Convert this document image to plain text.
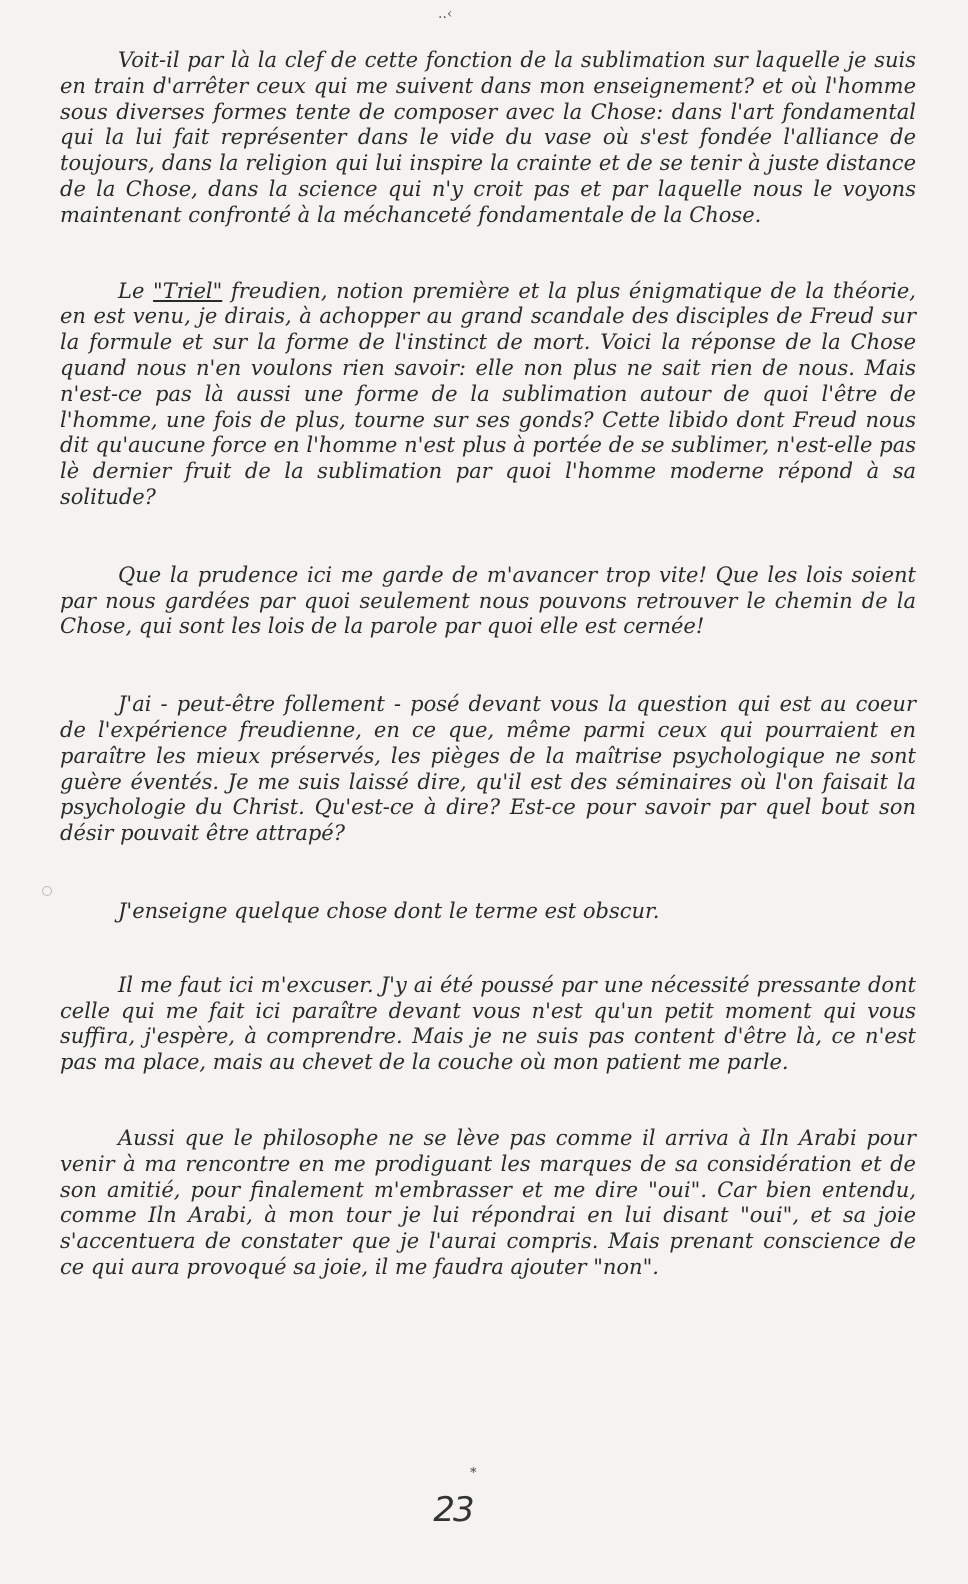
..‹

Voit-il par là la clef de cette fonction de la sublimation sur laquelle je suis en train d'arrêter ceux qui me suivent dans mon enseignement? et où l'homme sous diverses formes tente de composer avec la Chose: dans l'art fondamental qui la lui fait représenter dans le vide du vase où s'est fondée l'alliance de toujours, dans la religion qui lui inspire la crainte et de se tenir à juste distance de la Chose, dans la science qui n'y croit pas et par laquelle nous le voyons maintenant confronté à la méchanceté fondamentale de la Chose.

Le "Triel" freudien, notion première et la plus énigmatique de la théorie, en est venu, je dirais, à achopper au grand scandale des disciples de Freud sur la formule et sur la forme de l'instinct de mort. Voici la réponse de la Chose quand nous n'en voulons rien savoir: elle non plus ne sait rien de nous. Mais n'est-ce pas là aussi une forme de la sublimation autour de quoi l'être de l'homme, une fois de plus, tourne sur ses gonds? Cette libido dont Freud nous dit qu'aucune force en l'homme n'est plus à portée de se sublimer, n'est-elle pas lè dernier fruit de la sublimation par quoi l'homme moderne répond à sa solitude?

Que la prudence ici me garde de m'avancer trop vite! Que les lois soient par nous gardées par quoi seulement nous pouvons retrouver le chemin de la Chose, qui sont les lois de la parole par quoi elle est cernée!

J'ai - peut-être follement - posé devant vous la question qui est au coeur de l'expérience freudienne, en ce que, même parmi ceux qui pourraient en paraître les mieux préservés, les pièges de la maîtrise psychologique ne sont guère éventés. Je me suis laissé dire, qu'il est des séminaires où l'on faisait la psychologie du Christ. Qu'est-ce à dire? Est-ce pour savoir par quel bout son désir pouvait être attrapé?

J'enseigne quelque chose dont le terme est obscur.

Il me faut ici m'excuser. J'y ai été poussé par une nécessité pressante dont celle qui me fait ici paraître devant vous n'est qu'un petit moment qui vous suffira, j'espère, à comprendre. Mais je ne suis pas content d'être là, ce n'est pas ma place, mais au chevet de la couche où mon patient me parle.

Aussi que le philosophe ne se lève pas comme il arriva à Iln Arabi pour venir à ma rencontre en me prodiguant les marques de sa considération et de son amitié, pour finalement m'embrasser et me dire "oui". Car bien entendu, comme Iln Arabi, à mon tour je lui répondrai en lui disant "oui", et sa joie s'accentuera de constater que je l'aurai compris. Mais prenant conscience de ce qui aura provoqué sa joie, il me faudra ajouter "non".

*
23
